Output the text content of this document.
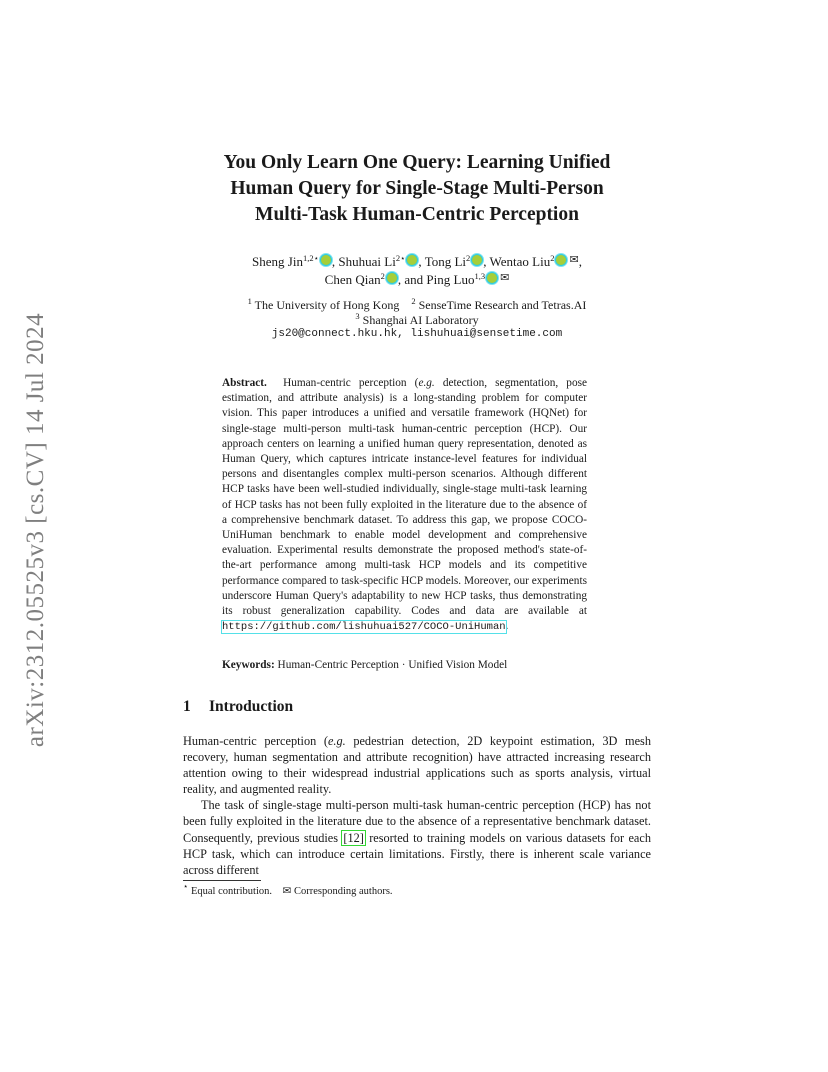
arXiv:2312.05525v3 [cs.CV] 14 Jul 2024
You Only Learn One Query: Learning Unified
Human Query for Single-Stage Multi-Person
Multi-Task Human-Centric Perception
Sheng Jin$^{1,2⋆}$ , Shuhuai $Li^{2⋆}$ , Tong Li$^2$ , Wentao Liu$^2$ ✉,
Chen Qian$^2$ , and Ping Luo$^{1,3}$ ✉
$^1$ The University of Hong Kong $^2$ SenseTime Research and Tetras.AI
$^3$ Shanghai AI Laboratory
js20@connect.hku.hk, lishuhuai@sensetime.com
Abstract. Human-centric perception (e.g. detection, segmentation, pose estimation, and attribute analysis) is a long-standing problem for computer vision. This paper introduces a unified and versatile framework (HQNet) for single-stage multi-person multi-task human-centric perception (HCP). Our approach centers on learning a unified human query representation, denoted as Human Query, which captures intricate instance-level features for individual persons and disentangles complex multi-person scenarios. Although different HCP tasks have been well-studied individually, single-stage multi-task learning of HCP tasks has not been fully exploited in the literature due to the absence of a comprehensive benchmark dataset. To address this gap, we propose COCO-UniHuman benchmark to enable model development and comprehensive evaluation. Experimental results demonstrate the proposed method's state-of-the-art performance among multi-task HCP models and its competitive performance compared to task-specific HCP models. Moreover, our experiments underscore Human Query's adaptability to new HCP tasks, thus demonstrating its robust generalization capability. Codes and data are available at https://github.com/lishuhuai527/COCO-UniHuman.
Keywords: Human-Centric Perception · Unified Vision Model
1 Introduction

Human-centric perception (e.g. pedestrian detection, 2D keypoint estimation, 3D mesh recovery, human segmentation and attribute recognition) have attracted increasing research attention owing to their widespread industrial applications such as sports analysis, virtual reality, and augmented reality.

The task of single-stage multi-person multi-task human-centric perception (HCP) has not been fully exploited in the literature due to the absence of a representative benchmark dataset. Consequently, previous studies [12] resorted to training models on various datasets for each HCP task, which can introduce certain limitations. Firstly, there is inherent scale variance across different

⋆ Equal contribution. ✉ Corresponding authors.
